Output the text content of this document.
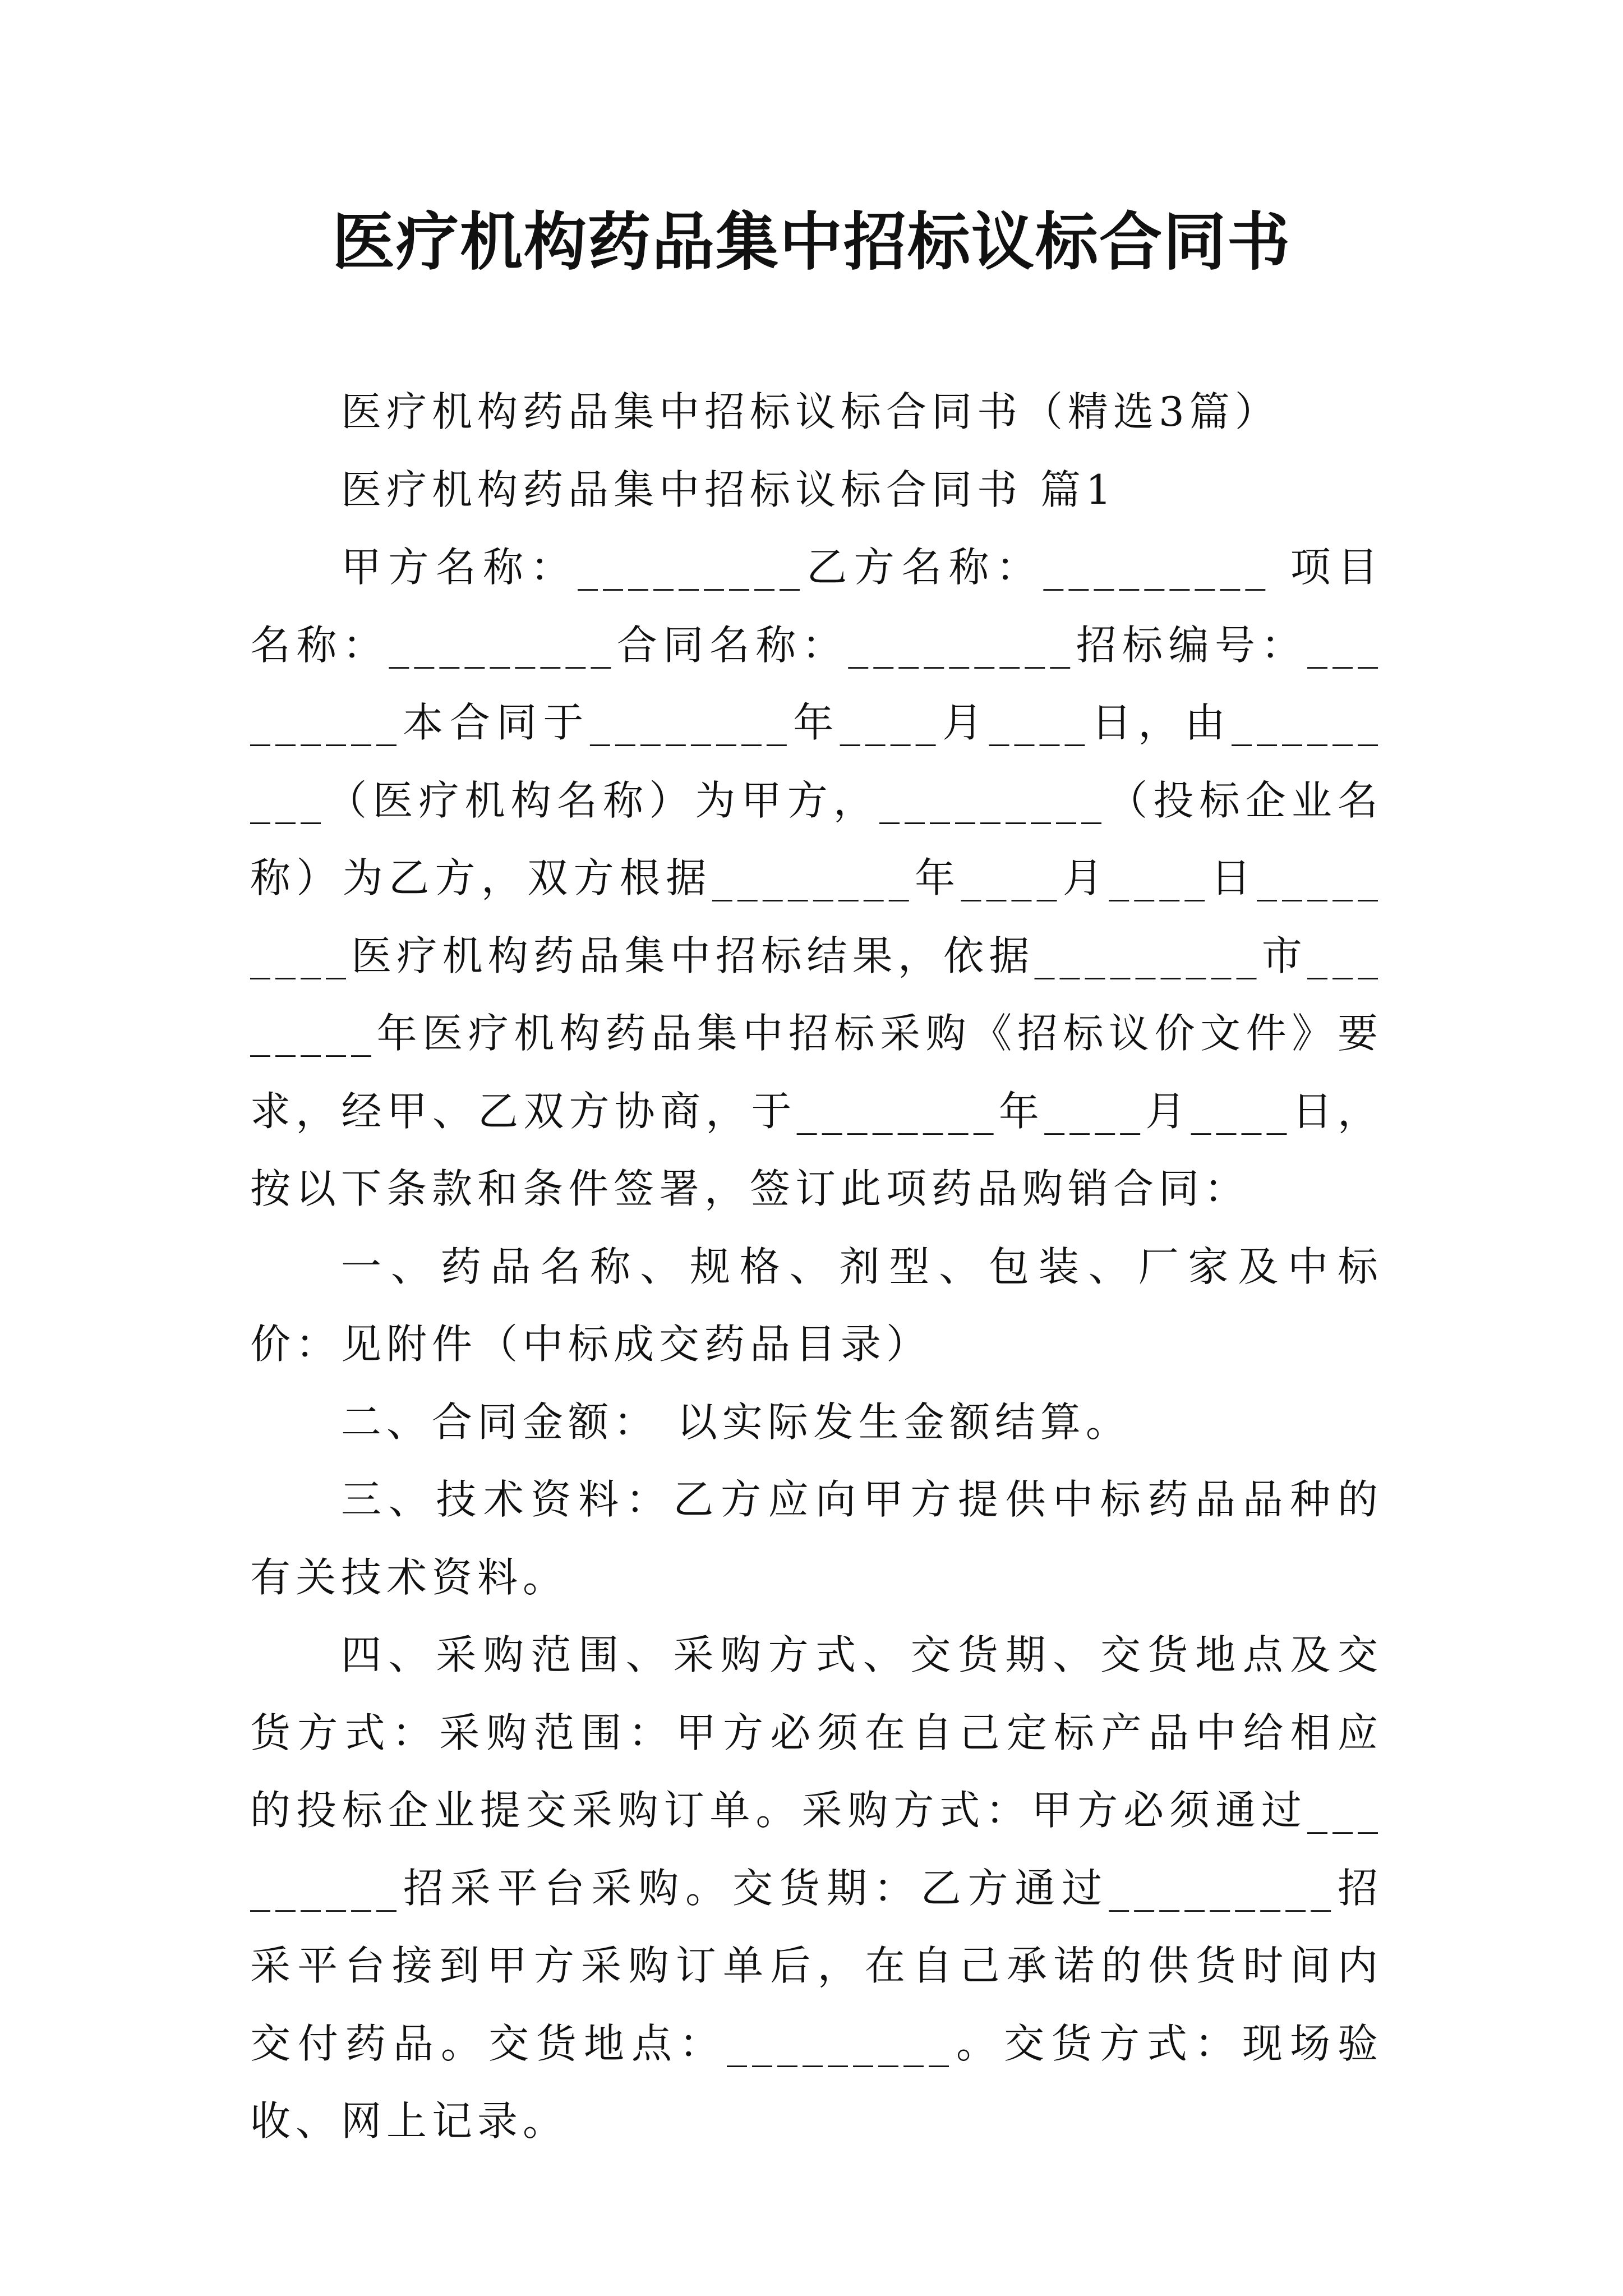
医疗机构药品集中招标议标合同书

医疗机构药品集中招标议标合同书（精选3篇）

医疗机构药品集中招标议标合同书 篇1

甲方名称：_________乙方名称：_________ 项目名称：_________合同名称：_________招标编号：_________本合同于________年____月____日，由_________（医疗机构名称）为甲方，_________（投标企业名称）为乙方，双方根据________年____月____日_________医疗机构药品集中招标结果，依据_________市________年医疗机构药品集中招标采购《招标议价文件》要求，经甲、乙双方协商，于________年____月____日，按以下条款和条件签署，签订此项药品购销合同：

一、药品名称、规格、剂型、包装、厂家及中标价：见附件（中标成交药品目录）

二、合同金额： 以实际发生金额结算。

三、技术资料：乙方应向甲方提供中标药品品种的有关技术资料。

四、采购范围、采购方式、交货期、交货地点及交货方式：采购范围：甲方必须在自己定标产品中给相应的投标企业提交采购订单。采购方式：甲方必须通过_________招采平台采购。交货期：乙方通过_________招采平台接到甲方采购订单后，在自己承诺的供货时间内交付药品。交货地点：_________。交货方式：现场验收、网上记录。
